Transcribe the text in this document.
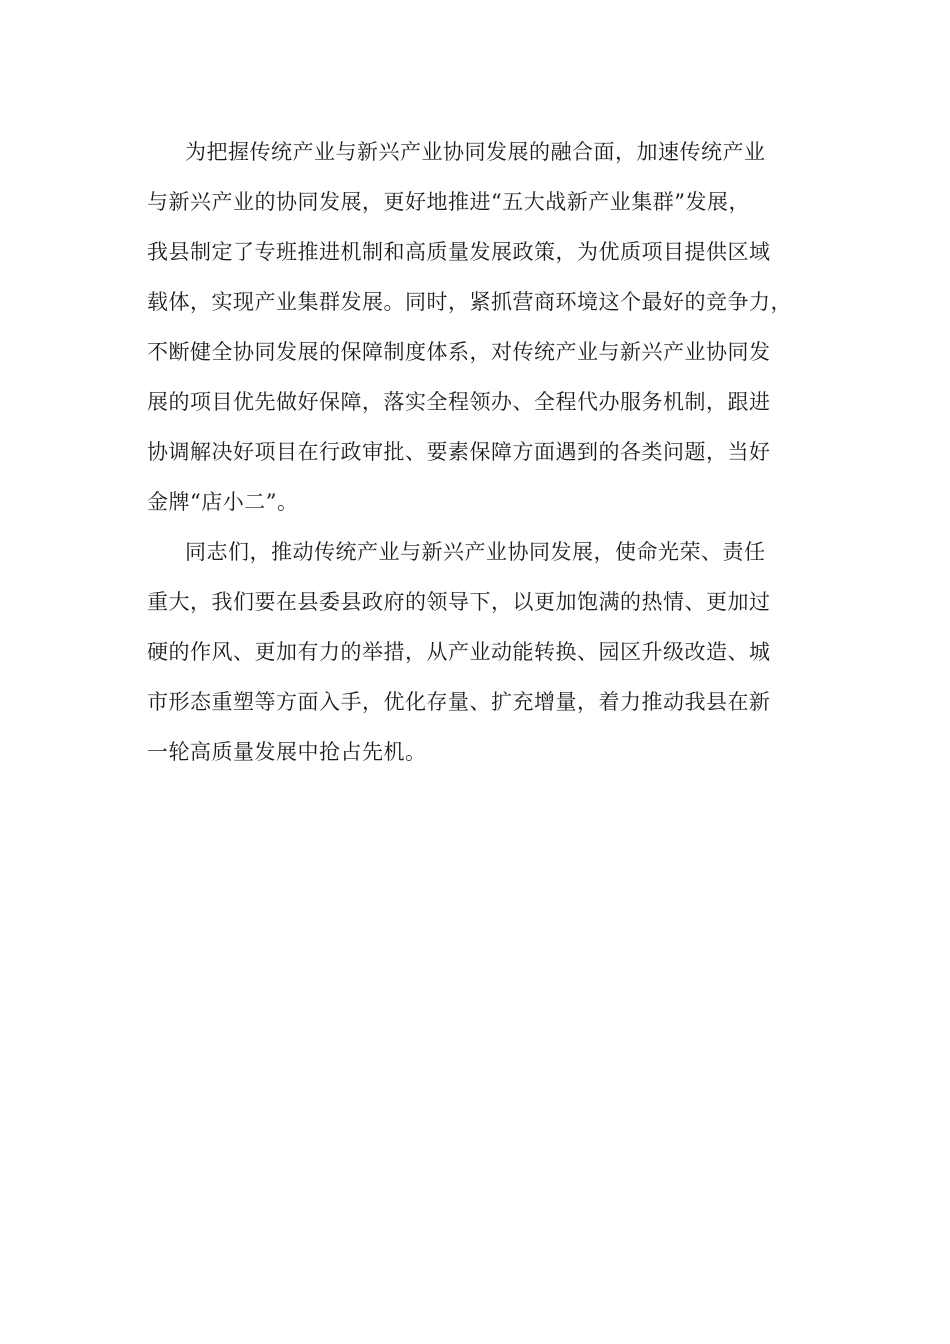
为把握传统产业与新兴产业协同发展的融合面，加速传统产业
与新兴产业的协同发展，更好地推进“五大战新产业集群”发展，
我县制定了专班推进机制和高质量发展政策，为优质项目提供区域
载体，实现产业集群发展。同时，紧抓营商环境这个最好的竞争力，
不断健全协同发展的保障制度体系，对传统产业与新兴产业协同发
展的项目优先做好保障，落实全程领办、全程代办服务机制，跟进
协调解决好项目在行政审批、要素保障方面遇到的各类问题，当好
金牌“店小二”。

同志们，推动传统产业与新兴产业协同发展，使命光荣、责任
重大，我们要在县委县政府的领导下，以更加饱满的热情、更加过
硬的作风、更加有力的举措，从产业动能转换、园区升级改造、城
市形态重塑等方面入手，优化存量、扩充增量，着力推动我县在新
一轮高质量发展中抢占先机。
